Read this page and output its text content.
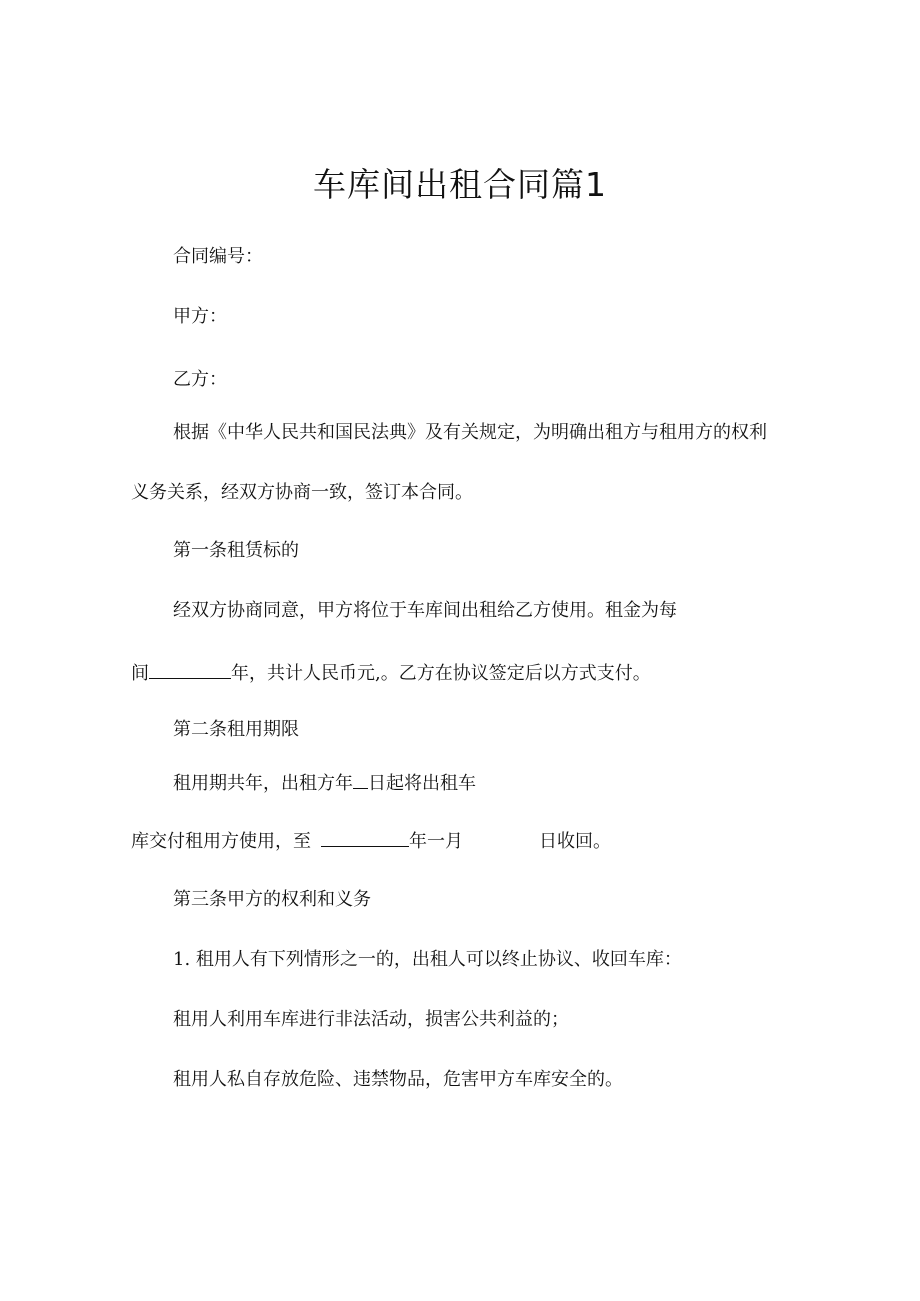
车库间出租合同篇1
合同编号：
甲方：
乙方：
根据《中华人民共和国民法典》及有关规定，为明确出租方与租用方的权利
义务关系，经双方协商一致，签订本合同。
第一条租赁标的
经双方协商同意，甲方将位于车库间出租给乙方使用。租金为每
间	年，共计人民币元,。乙方在协议签定后以方式支付。
第二条租用期限
租用期共年，出租方年 日起将出租车
库交付租用方使用，至	年一月	日收回。
第三条甲方的权利和义务
1. 租用人有下列情形之一的，出租人可以终止协议、收回车库：
租用人利用车库进行非法活动，损害公共利益的；
租用人私自存放危险、违禁物品，危害甲方车库安全的。
